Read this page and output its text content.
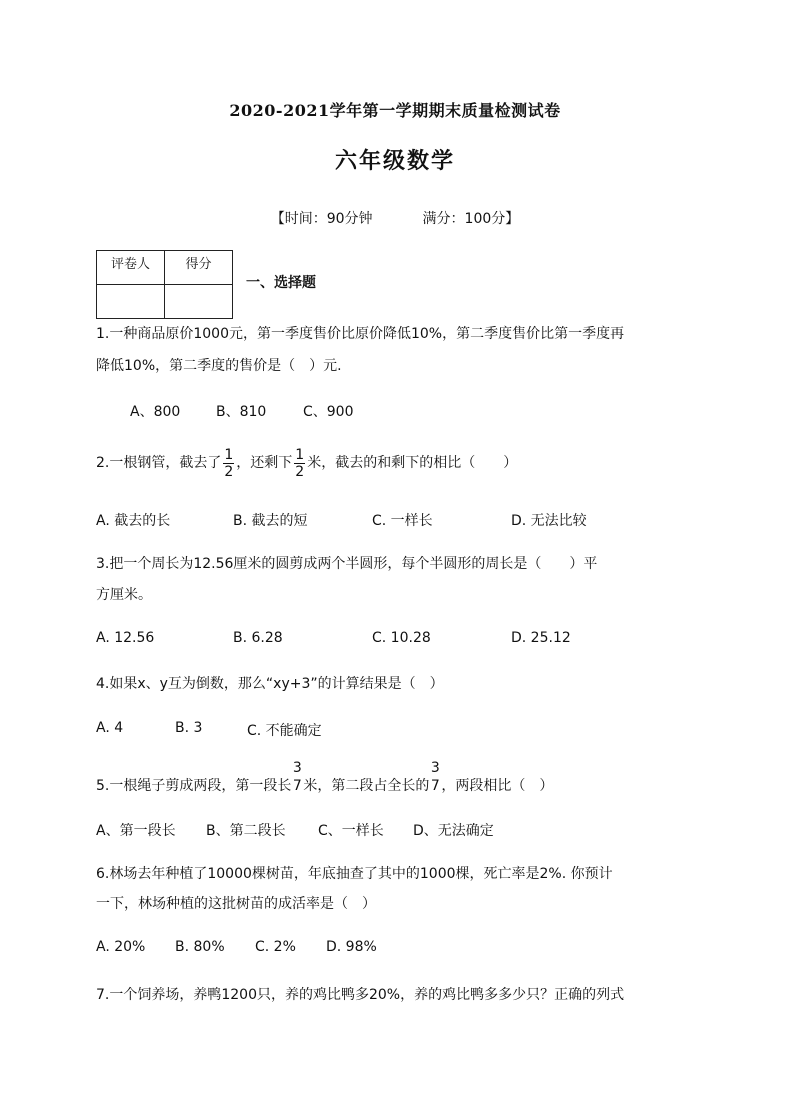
2020-2021学年第一学期期末质量检测试卷
六年级数学
【时间：90分钟	满分：100分】
评卷人	得分

一、选择题
1.一种商品原价1000元，第一季度售价比原价降低10%，第二季度售价比第一季度再
降低10%，第二季度的售价是（　）元.
A、800	B、810	C、900
2.一根钢管，截去了 $\frac{1}{2}$ ，还剩下 $\frac{1}{2}$ 米，截去的和剩下的相比（　　）
A. 截去的长	B. 截去的短	C. 一样长	D. 无法比较
3.把一个周长为12.56厘米的圆剪成两个半圆形，每个半圆形的周长是（　　）平
方厘米。
A. 12.56	B. 6.28	C. 10.28	D. 25.12
4.如果x、y互为倒数，那么“xy+3”的计算结果是（　）
A. 4	B. 3	C. 不能确定
5.一根绳子剪成两段，第一段长
3
7 米，第二段占全长的
3
7 ，两段相比（　）
A、第一段长 B、第二段长 C、一样长 D、无法确定
6.林场去年种植了10000棵树苗，年底抽查了其中的1000棵，死亡率是2%. 你预计
一下，林场种植的这批树苗的成活率是（　）
A. 20% B. 80% C. 2% D. 98%
7.一个饲养场，养鸭1200只，养的鸡比鸭多20%，养的鸡比鸭多多少只？正确的列式
